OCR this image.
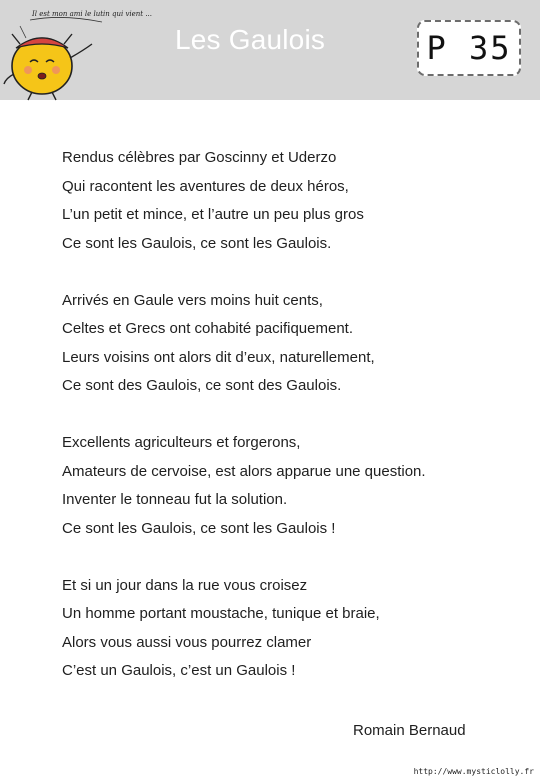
Il est mon ami le lutin qui vient ...
Les Gaulois	P 35
Rendus célèbres par Goscinny et Uderzo
Qui racontent les aventures de deux héros,
L’un petit et mince, et l’autre un peu plus gros
Ce sont les Gaulois, ce sont les Gaulois.
Arrivés en Gaule vers moins huit cents,
Celtes et Grecs ont cohabité pacifiquement.
Leurs voisins ont alors dit d’eux, naturellement,
Ce sont des Gaulois, ce sont des Gaulois.
Excellents agriculteurs et forgerons,
Amateurs de cervoise, est alors apparue une question.
Inventer le tonneau fut la solution.
Ce sont les Gaulois, ce sont les Gaulois !
Et si un jour dans la rue vous croisez
Un homme portant moustache, tunique et braie,
Alors vous aussi vous pourrez clamer
C’est un Gaulois, c’est un Gaulois !
Romain Bernaud
http://www.mysticlolly.fr
